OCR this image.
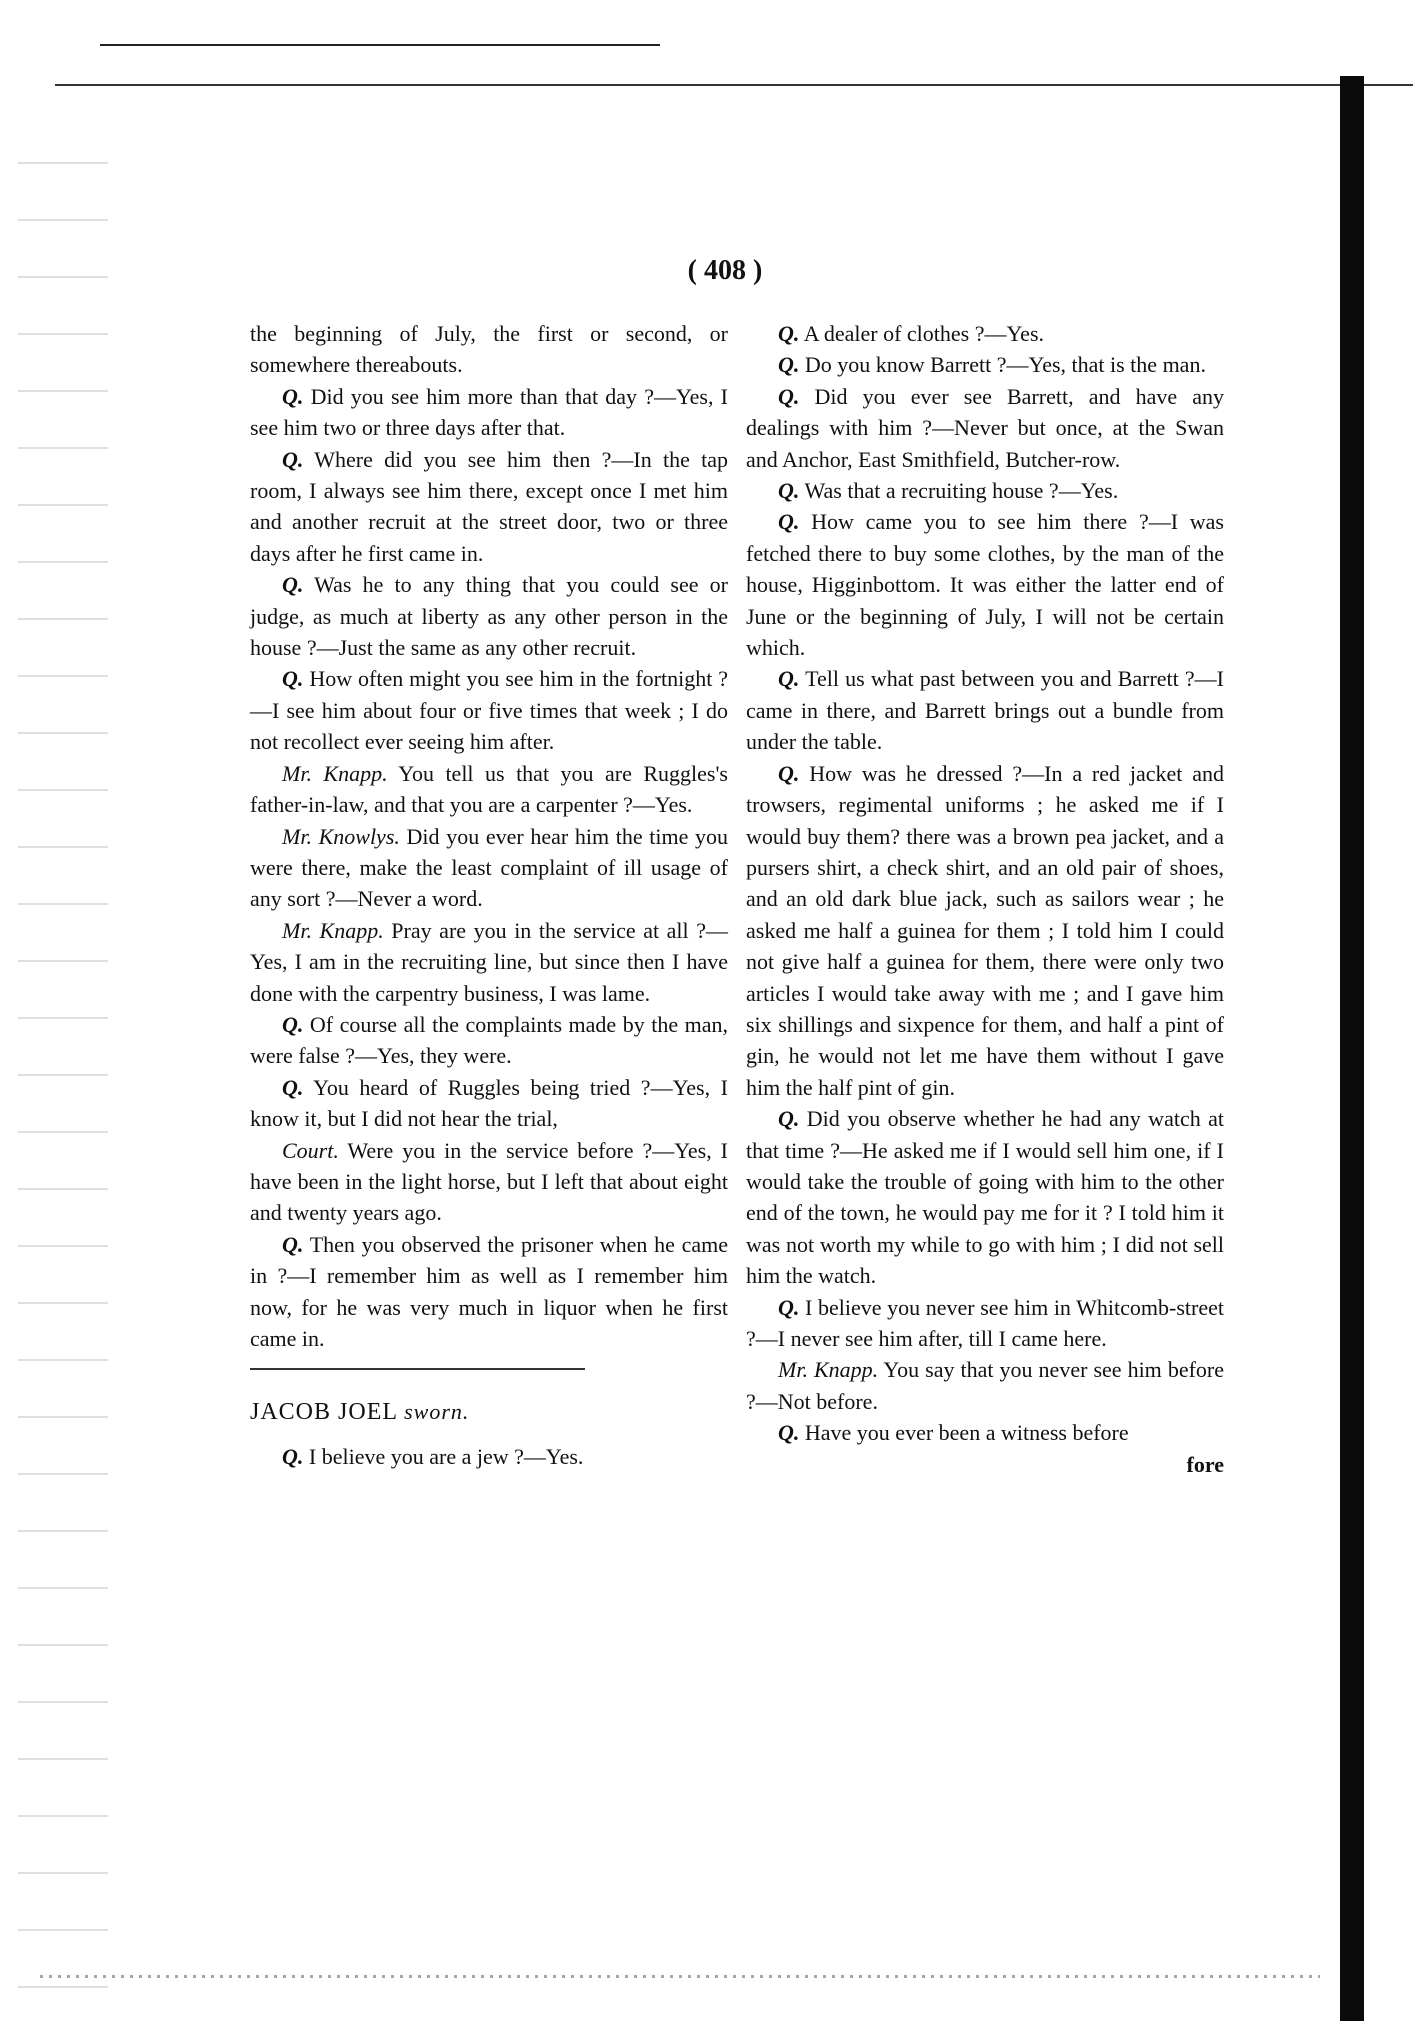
( 408 )

the beginning of July, the first or second, or somewhere thereabouts.

Q. Did you see him more than that day ?—Yes, I see him two or three days after that.

Q. Where did you see him then ?—In the tap room, I always see him there, except once I met him and another recruit at the street door, two or three days after he first came in.

Q. Was he to any thing that you could see or judge, as much at liberty as any other person in the house ?—Just the same as any other recruit.

Q. How often might you see him in the fortnight ?—I see him about four or five times that week ; I do not recollect ever seeing him after.

Mr. Knapp. You tell us that you are Ruggles's father-in-law, and that you are a carpenter ?—Yes.

Mr. Knowlys. Did you ever hear him the time you were there, make the least complaint of ill usage of any sort ?—Never a word.

Mr. Knapp. Pray are you in the service at all ?—Yes, I am in the recruiting line, but since then I have done with the carpentry business, I was lame.

Q. Of course all the complaints made by the man, were false ?—Yes, they were.

Q. You heard of Ruggles being tried ?—Yes, I know it, but I did not hear the trial,

Court. Were you in the service before ?—Yes, I have been in the light horse, but I left that about eight and twenty years ago.

Q. Then you observed the prisoner when he came in ?—I remember him as well as I remember him now, for he was very much in liquor when he first came in.

JACOB JOEL sworn.

Q. I believe you are a jew ?—Yes.

Q. A dealer of clothes ?—Yes.

Q. Do you know Barrett ?—Yes, that is the man.

Q. Did you ever see Barrett, and have any dealings with him ?—Never but once, at the Swan and Anchor, East Smithfield, Butcher-row.

Q. Was that a recruiting house ?—Yes.

Q. How came you to see him there ?—I was fetched there to buy some clothes, by the man of the house, Higginbottom. It was either the latter end of June or the beginning of July, I will not be certain which.

Q. Tell us what past between you and Barrett ?—I came in there, and Barrett brings out a bundle from under the table.

Q. How was he dressed ?—In a red jacket and trowsers, regimental uniforms ; he asked me if I would buy them? there was a brown pea jacket, and a pursers shirt, a check shirt, and an old pair of shoes, and an old dark blue jack, such as sailors wear ; he asked me half a guinea for them ; I told him I could not give half a guinea for them, there were only two articles I would take away with me ; and I gave him six shillings and sixpence for them, and half a pint of gin, he would not let me have them without I gave him the half pint of gin.

Q. Did you observe whether he had any watch at that time ?—He asked me if I would sell him one, if I would take the trouble of going with him to the other end of the town, he would pay me for it ? I told him it was not worth my while to go with him ; I did not sell him the watch.

Q. I believe you never see him in Whitcomb-street ?—I never see him after, till I came here.

Mr. Knapp. You say that you never see him before ?—Not before.

Q. Have you ever been a witness before

fore
